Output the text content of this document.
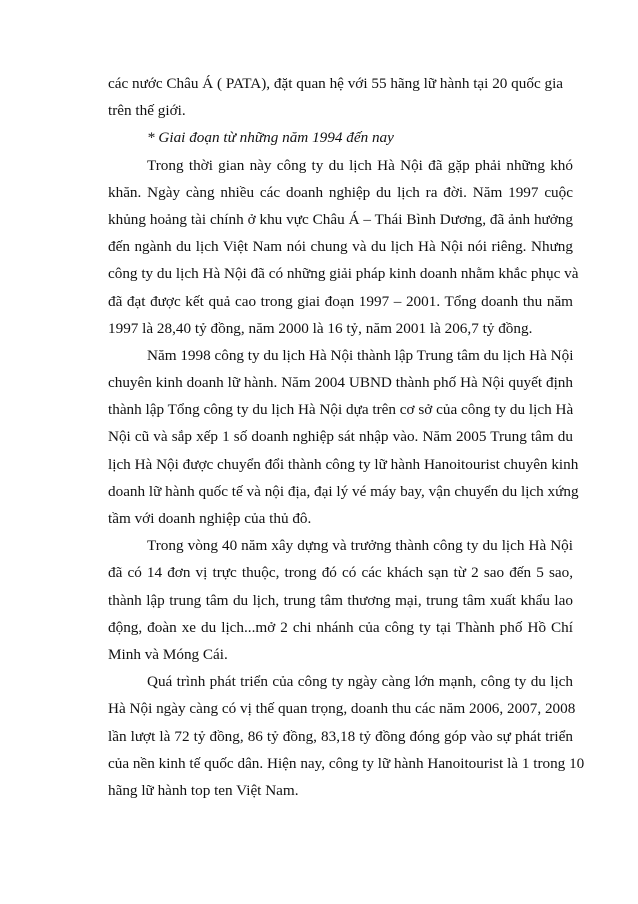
các nước Châu Á ( PATA), đặt quan hệ với 55 hãng lữ hành tại 20 quốc gia
trên thế giới.
* Giai đoạn từ những năm 1994 đến nay
Trong thời gian này công ty du lịch Hà Nội đã gặp phải những khó
khăn. Ngày càng nhiều các doanh nghiệp du lịch ra đời. Năm 1997 cuộc
khủng hoảng tài chính ở khu vực Châu Á – Thái Bình Dương, đã ảnh hưởng
đến ngành du lịch Việt Nam nói chung và du lịch Hà Nội nói riêng. Nhưng
công ty du lịch Hà Nội đã có những giải pháp kinh doanh nhằm khắc phục và
đã đạt được kết quả cao trong giai đoạn 1997 – 2001. Tổng doanh thu năm
1997 là 28,40 tỷ đồng, năm 2000 là 16 tỷ, năm 2001 là 206,7 tỷ đồng.
Năm 1998 công ty du lịch Hà Nội thành lập Trung tâm du lịch Hà Nội
chuyên kinh doanh lữ hành. Năm 2004 UBND thành phố Hà Nội quyết định
thành lập Tổng công ty du lịch Hà Nội dựa trên cơ sở của công ty du lịch Hà
Nội cũ và sắp xếp 1 số doanh nghiệp sát nhập vào. Năm 2005 Trung tâm du
lịch Hà Nội được chuyển đổi thành công ty lữ hành Hanoitourist chuyên kinh
doanh lữ hành quốc tế và nội địa, đại lý vé máy bay, vận chuyển du lịch xứng
tầm với doanh nghiệp của thủ đô.
Trong vòng 40 năm xây dựng và trưởng thành công ty du lịch Hà Nội
đã có 14 đơn vị trực thuộc, trong đó có các khách sạn từ 2 sao đến 5 sao,
thành lập trung tâm du lịch, trung tâm thương mại, trung tâm xuất khẩu lao
động, đoàn xe du lịch...mở 2 chi nhánh của công ty tại Thành phố Hồ Chí
Minh và Móng Cái.
Quá trình phát triển của công ty ngày càng lớn mạnh, công ty du lịch
Hà Nội ngày càng có vị thế quan trọng, doanh thu các năm 2006, 2007, 2008
lần lượt là 72 tỷ đồng, 86 tỷ đồng, 83,18 tỷ đồng đóng góp vào sự phát triển
của nền kinh tế quốc dân. Hiện nay, công ty lữ hành Hanoitourist là 1 trong 10
hãng lữ hành top ten Việt Nam.
